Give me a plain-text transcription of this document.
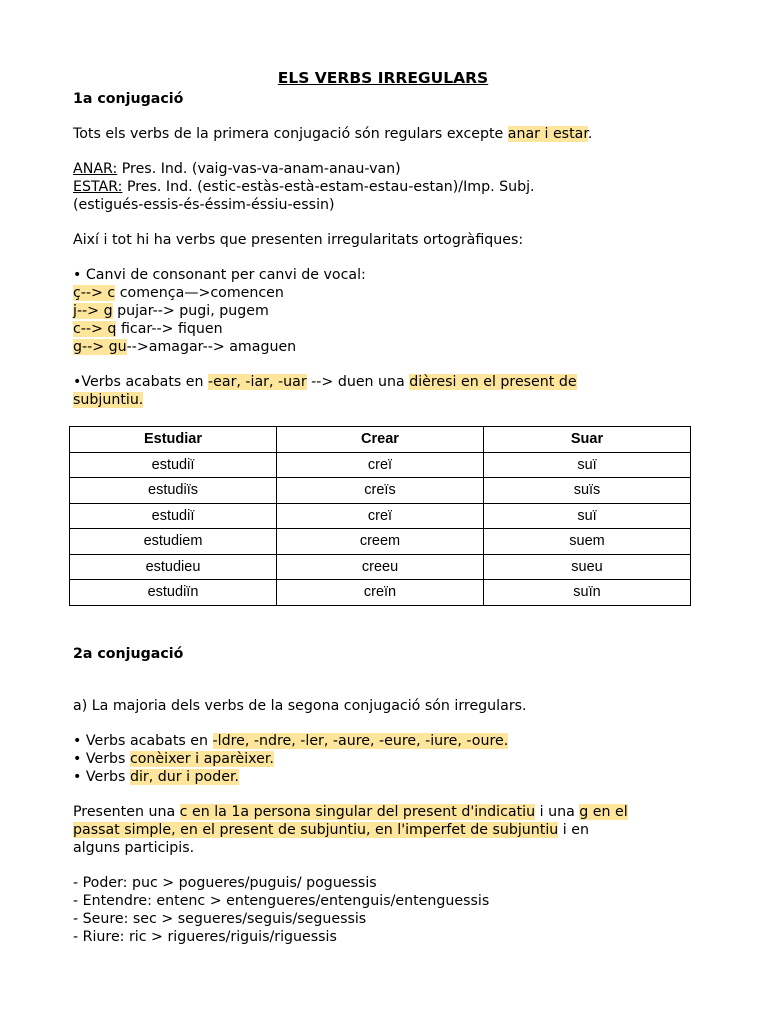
ELS VERBS IRREGULARS

1a conjugació

Tots els verbs de la primera conjugació són regulars excepte anar i estar.

ANAR: Pres. Ind. (vaig-vas-va-anam-anau-van)

ESTAR: Pres. Ind. (estic-estàs-està-estam-estau-estan)/Imp. Subj.

(estigués-essis-és-éssim-éssiu-essin)

Així i tot hi ha verbs que presenten irregularitats ortogràfiques:

• Canvi de consonant per canvi de vocal:

ç--> c comença—>comencen

j--> g pujar--> pugi, pugem

c--> q ficar--> fiquen

g--> gu-->amagar--> amaguen

•Verbs acabats en -ear, -iar, -uar --> duen una dièresi en el present de

subjuntiu.

Estudiar	Crear	Suar
estudiï	creï	suï
estudiïs	creïs	suïs
estudiï	creï	suï
estudiem	creem	suem
estudieu	creeu	sueu
estudiïn	creïn	suïn

2a conjugació

a) La majoria dels verbs de la segona conjugació són irregulars.

• Verbs acabats en -ldre, -ndre, -ler, -aure, -eure, -iure, -oure.

• Verbs conèixer i aparèixer.

• Verbs dir, dur i poder.

Presenten una c en la 1a persona singular del present d'indicatiu i una g en el

passat simple, en el present de subjuntiu, en l'imperfet de subjuntiu i en

alguns participis.

- Poder: puc > pogueres/puguis/ poguessis

- Entendre: entenc > entengueres/entenguis/entenguessis

- Seure: sec > segueres/seguis/seguessis

- Riure: ric > rigueres/riguis/riguessis
